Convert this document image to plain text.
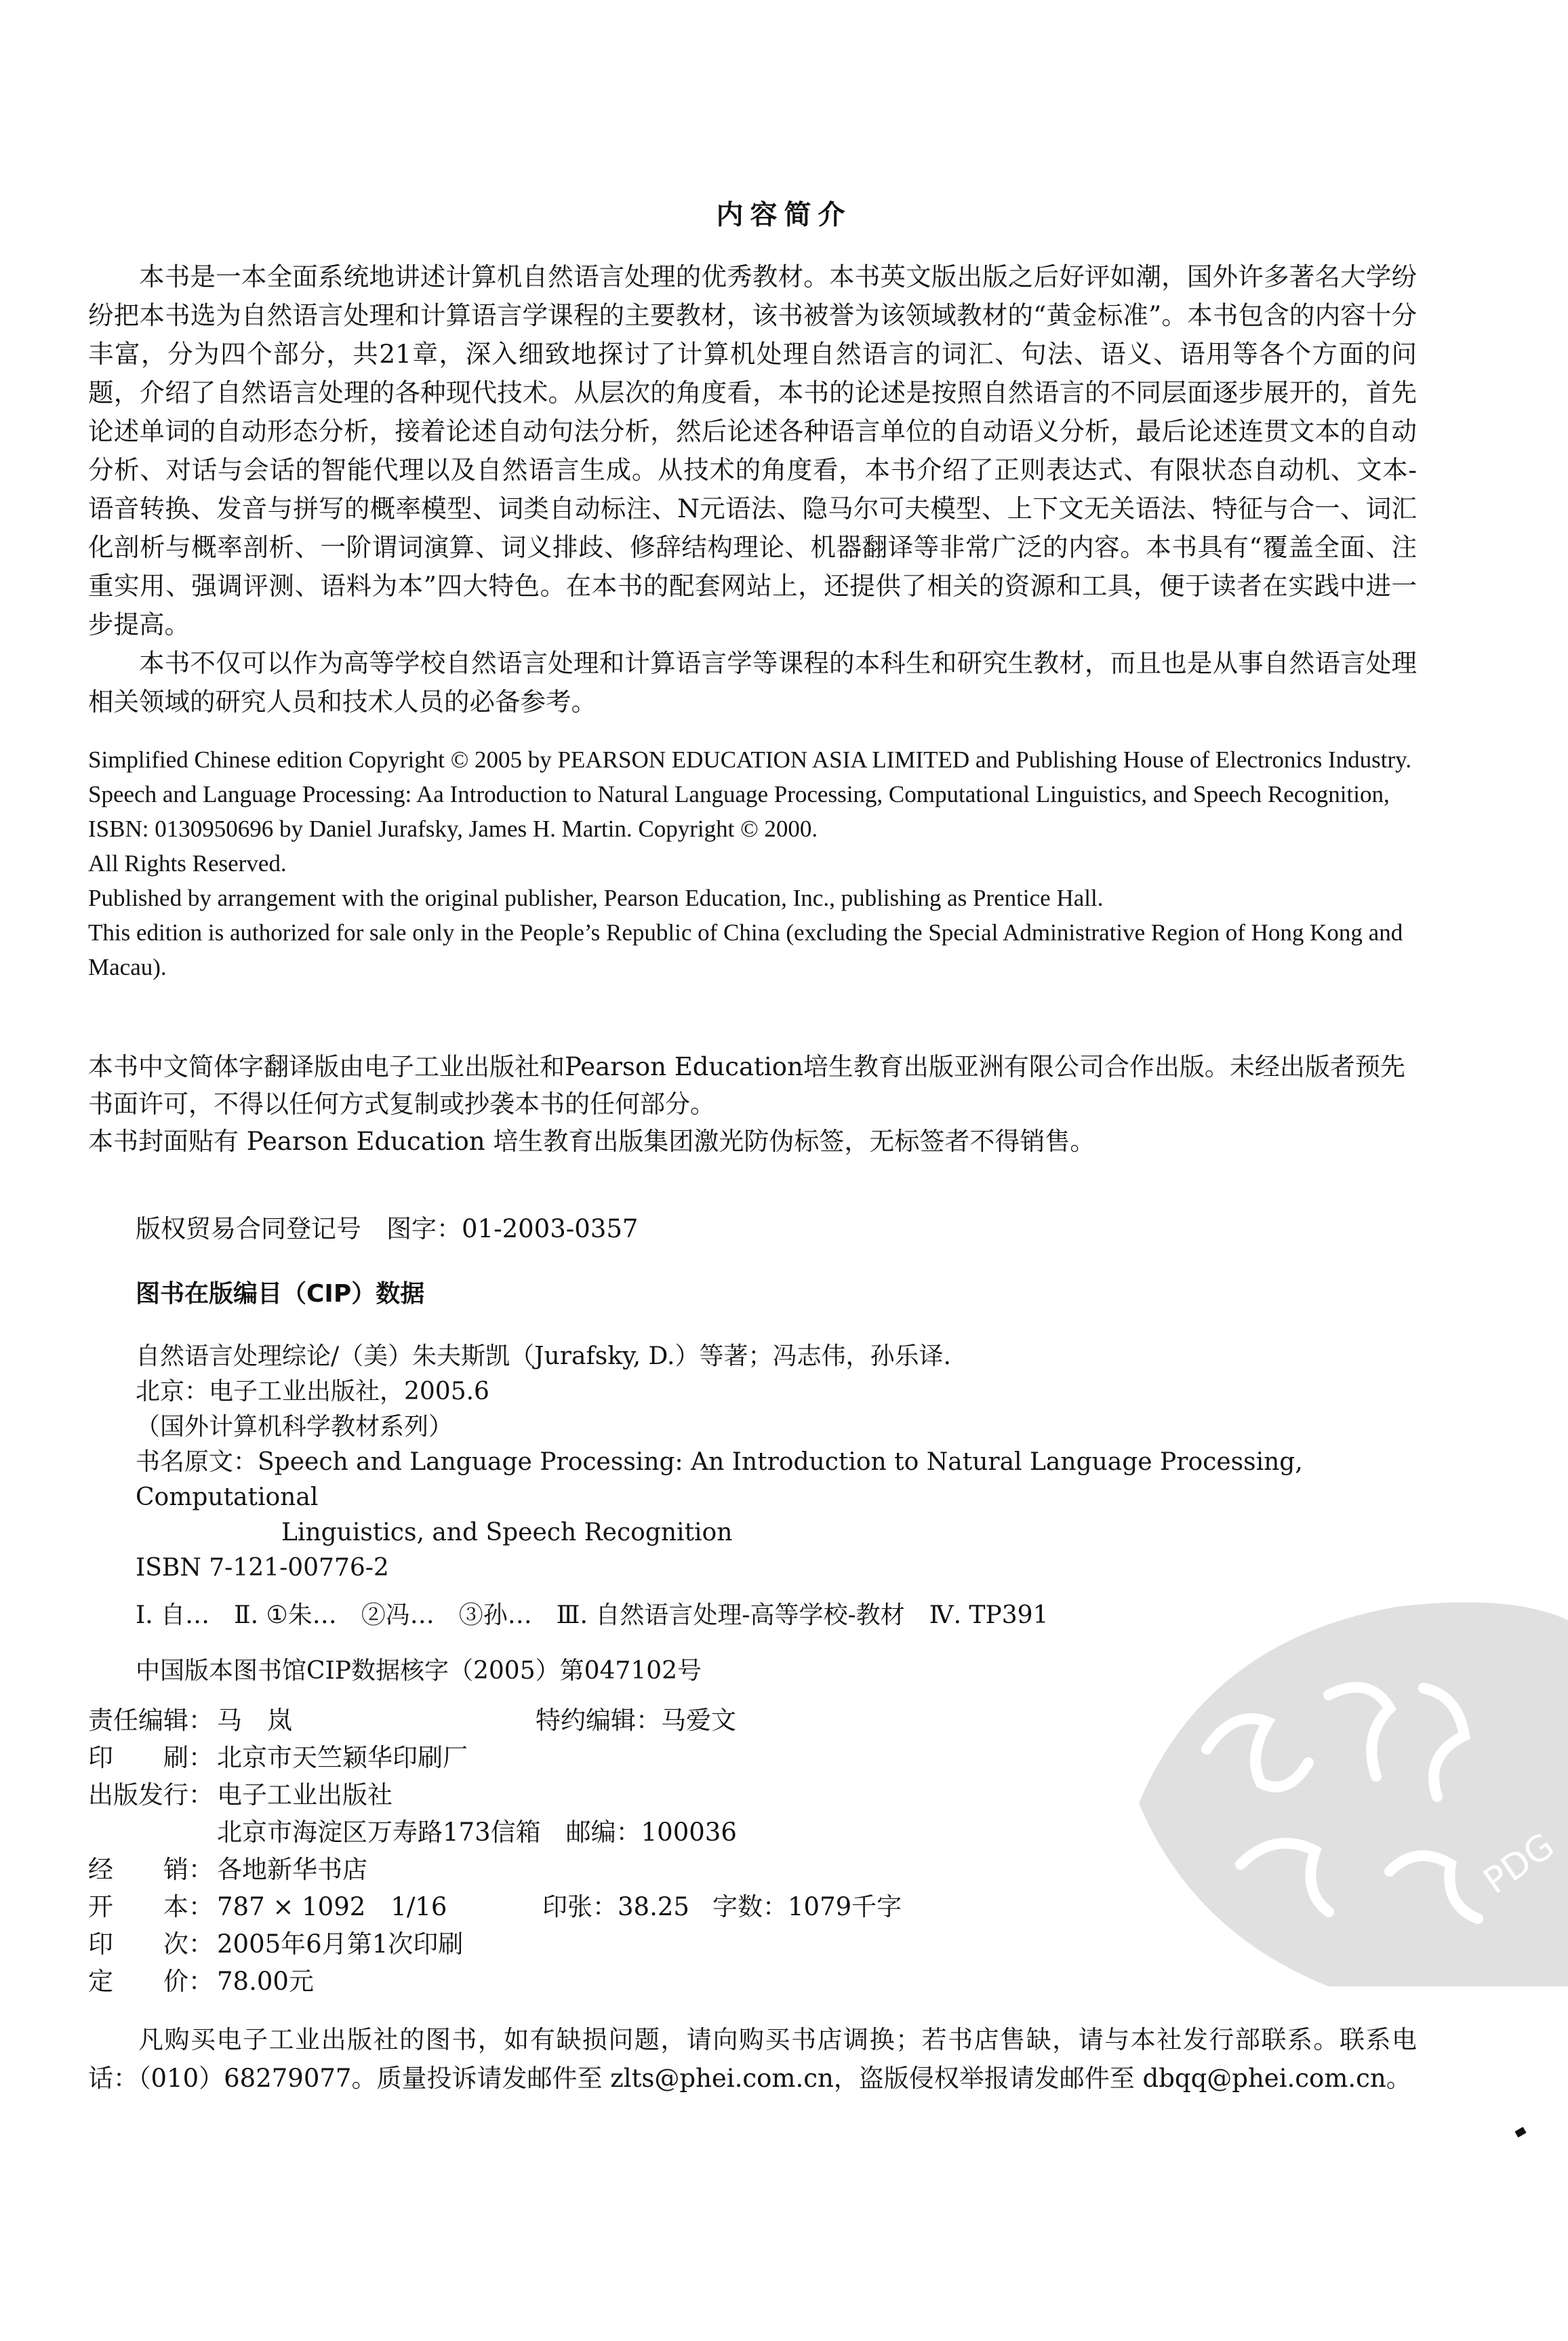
内容简介

本书是一本全面系统地讲述计算机自然语言处理的优秀教材。本书英文版出版之后好评如潮，国外许多著名大学纷纷把本书选为自然语言处理和计算语言学课程的主要教材，该书被誉为该领域教材的“黄金标准”。本书包含的内容十分丰富，分为四个部分，共21章，深入细致地探讨了计算机处理自然语言的词汇、句法、语义、语用等各个方面的问题，介绍了自然语言处理的各种现代技术。从层次的角度看，本书的论述是按照自然语言的不同层面逐步展开的，首先论述单词的自动形态分析，接着论述自动句法分析，然后论述各种语言单位的自动语义分析，最后论述连贯文本的自动分析、对话与会话的智能代理以及自然语言生成。从技术的角度看，本书介绍了正则表达式、有限状态自动机、文本-语音转换、发音与拼写的概率模型、词类自动标注、N元语法、隐马尔可夫模型、上下文无关语法、特征与合一、词汇化剖析与概率剖析、一阶谓词演算、词义排歧、修辞结构理论、机器翻译等非常广泛的内容。本书具有“覆盖全面、注重实用、强调评测、语料为本”四大特色。在本书的配套网站上，还提供了相关的资源和工具，便于读者在实践中进一步提高。

本书不仅可以作为高等学校自然语言处理和计算语言学等课程的本科生和研究生教材，而且也是从事自然语言处理相关领域的研究人员和技术人员的必备参考。

Simplified Chinese edition Copyright © 2005 by PEARSON EDUCATION ASIA LIMITED and Publishing House of Electronics Industry.

Speech and Language Processing: Aa Introduction to Natural Language Processing, Computational Linguistics, and Speech Recognition, ISBN: 0130950696 by Daniel Jurafsky, James H. Martin. Copyright © 2000.

All Rights Reserved.

Published by arrangement with the original publisher, Pearson Education, Inc., publishing as Prentice Hall.

This edition is authorized for sale only in the People’s Republic of China (excluding the Special Administrative Region of Hong Kong and Macau).

本书中文简体字翻译版由电子工业出版社和Pearson Education培生教育出版亚洲有限公司合作出版。未经出版者预先书面许可，不得以任何方式复制或抄袭本书的任何部分。

本书封面贴有 Pearson Education 培生教育出版集团激光防伪标签，无标签者不得销售。

版权贸易合同登记号　图字：01-2003-0357
图书在版编目（CIP）数据

自然语言处理综论/（美）朱夫斯凯（Jurafsky, D.）等著；冯志伟，孙乐译.

北京：电子工业出版社，2005.6

（国外计算机科学教材系列）

书名原文：Speech and Language Processing: An Introduction to Natural Language Processing, Computational

Linguistics, and Speech Recognition

ISBN 7-121-00776-2

Ⅰ. 自…　Ⅱ. ①朱…　②冯…　③孙…　Ⅲ. 自然语言处理-高等学校-教材　Ⅳ. TP391

中国版本图书馆CIP数据核字（2005）第047102号

责任编辑： 马　岚	特约编辑： 马爱文
印　　刷： 北京市天竺颖华印刷厂
出版发行： 电子工业出版社
北京市海淀区万寿路173信箱　邮编：100036
经　　销： 各地新华书店
开　　本： 787 × 1092　1/16	印张： 38.25 字数： 1079千字
印　　次： 2005年6月第1次印刷
定　　价： 78.00元

凡购买电子工业出版社的图书，如有缺损问题，请向购买书店调换；若书店售缺，请与本社发行部联系。联系电话：（010）68279077。质量投诉请发邮件至 zlts@phei.com.cn，盗版侵权举报请发邮件至 dbqq@phei.com.cn。

PDG
